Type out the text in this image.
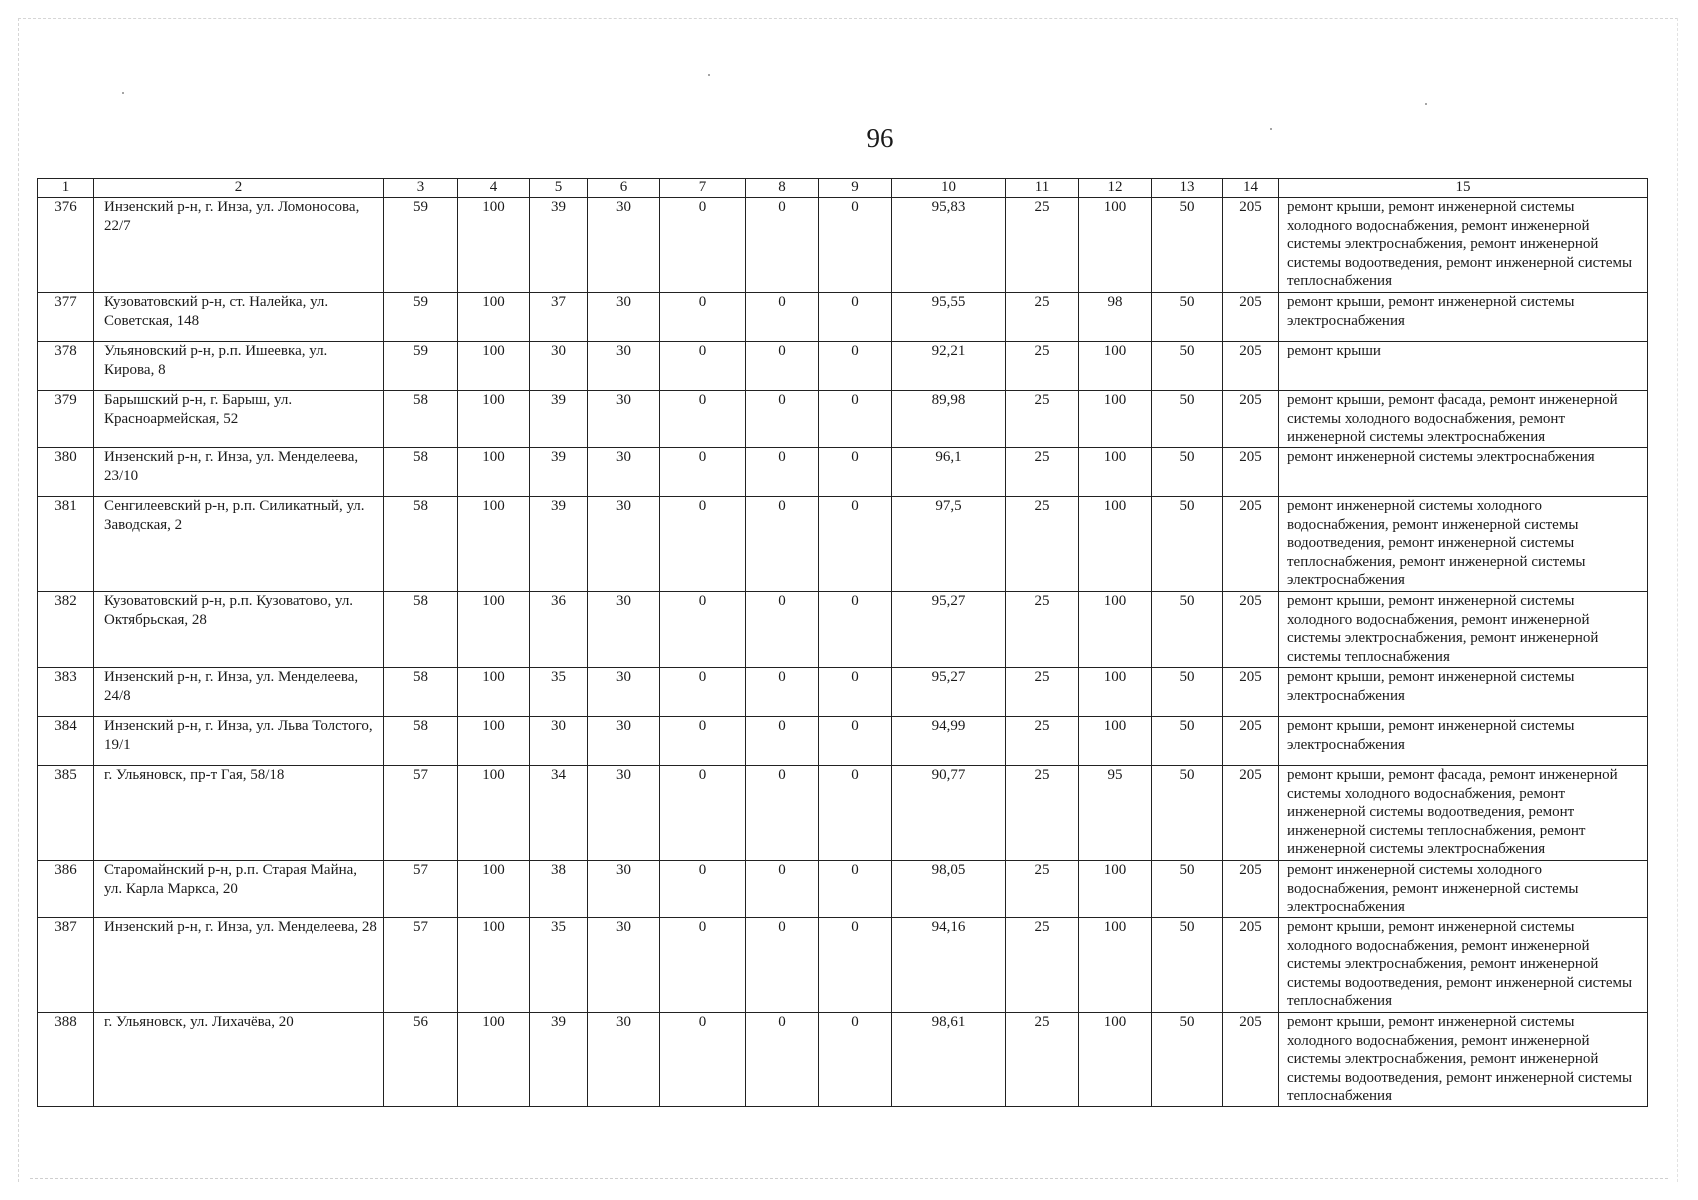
96
1	2	3	4	5	6	7	8	9	10	11	12	13	14	15
376	Инзенский р-н, г. Инза, ул. Ломоносова, 22/7	59	100	39	30	0	0	0	95,83	25	100	50	205	ремонт крыши, ремонт инженерной системы холодного водоснабжения, ремонт инженерной системы электроснабжения, ремонт инженерной системы водоотведения, ремонт инженерной системы теплоснабжения
377	Кузоватовский р-н, ст. Налейка, ул. Советская, 148	59	100	37	30	0	0	0	95,55	25	98	50	205	ремонт крыши, ремонт инженерной системы электроснабжения
378	Ульяновский р-н, р.п. Ишеевка, ул. Кирова, 8	59	100	30	30	0	0	0	92,21	25	100	50	205	ремонт крыши
379	Барышский р-н, г. Барыш, ул. Красноармейская, 52	58	100	39	30	0	0	0	89,98	25	100	50	205	ремонт крыши, ремонт фасада, ремонт инженерной системы холодного водоснабжения, ремонт инженерной системы электроснабжения
380	Инзенский р-н, г. Инза, ул. Менделеева, 23/10	58	100	39	30	0	0	0	96,1	25	100	50	205	ремонт инженерной системы электроснабжения
381	Сенгилеевский р-н, р.п. Силикатный, ул. Заводская, 2	58	100	39	30	0	0	0	97,5	25	100	50	205	ремонт инженерной системы холодного водоснабжения, ремонт инженерной системы водоотведения, ремонт инженерной системы теплоснабжения, ремонт инженерной системы электроснабжения
382	Кузоватовский р-н, р.п. Кузоватово, ул. Октябрьская, 28	58	100	36	30	0	0	0	95,27	25	100	50	205	ремонт крыши, ремонт инженерной системы холодного водоснабжения, ремонт инженерной системы электроснабжения, ремонт инженерной системы теплоснабжения
383	Инзенский р-н, г. Инза, ул. Менделеева, 24/8	58	100	35	30	0	0	0	95,27	25	100	50	205	ремонт крыши, ремонт инженерной системы электроснабжения
384	Инзенский р-н, г. Инза, ул. Льва Толстого, 19/1	58	100	30	30	0	0	0	94,99	25	100	50	205	ремонт крыши, ремонт инженерной системы электроснабжения
385	г. Ульяновск, пр-т Гая, 58/18	57	100	34	30	0	0	0	90,77	25	95	50	205	ремонт крыши, ремонт фасада, ремонт инженерной системы холодного водоснабжения, ремонт инженерной системы водоотведения, ремонт инженерной системы теплоснабжения, ремонт инженерной системы электроснабжения
386	Старомайнский р-н, р.п. Старая Майна, ул. Карла Маркса, 20	57	100	38	30	0	0	0	98,05	25	100	50	205	ремонт инженерной системы холодного водоснабжения, ремонт инженерной системы электроснабжения
387	Инзенский р-н, г. Инза, ул. Менделеева, 28	57	100	35	30	0	0	0	94,16	25	100	50	205	ремонт крыши, ремонт инженерной системы холодного водоснабжения, ремонт инженерной системы электроснабжения, ремонт инженерной системы водоотведения, ремонт инженерной системы теплоснабжения
388	г. Ульяновск, ул. Лихачёва, 20	56	100	39	30	0	0	0	98,61	25	100	50	205	ремонт крыши, ремонт инженерной системы холодного водоснабжения, ремонт инженерной системы электроснабжения, ремонт инженерной системы водоотведения, ремонт инженерной системы теплоснабжения
